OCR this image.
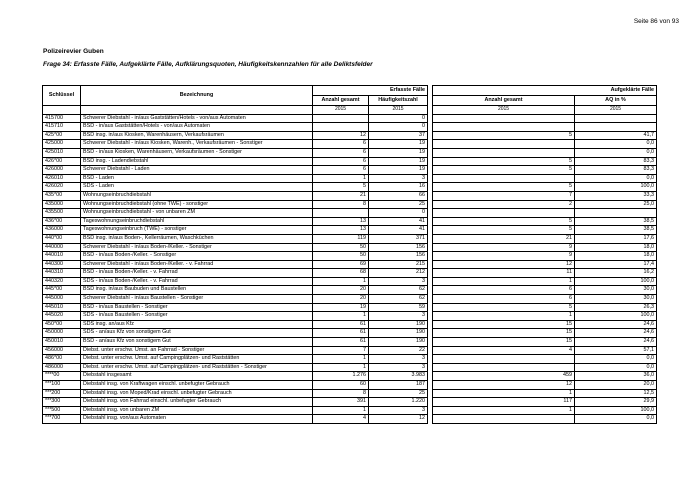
Seite 86 von 93
Polizeirevier Guben
Frage 34: Erfasste Fälle, Aufgeklärte Fälle, Aufklärungsquoten, Häufigkeitskennzahlen für alle Deliktsfelder
Schlüssel	Bezeichnung	Erfasste Fälle			Aufgeklärte Fälle	
		Anzahl gesamt	Häufigkeitszahl		Anzahl gesamt	AQ in %
		2015	2015		2015	2015
415700	Schwerer Diebstahl - in/aus Gaststätten/Hotels - von/aus Automaten		0			
415710	BSD - in/aus Gaststätten/Hotels - von/aus Automaten		0			
425*00	BSD insg. in/aus Kiosken, Warenhäusern, Verkaufsräumen	12	37		5	41,7
425000	Schwerer Diebstahl - in/aus Kiosken, Warenh., Verkaufsräumen - Sonstiger	6	19			0,0
425010	BSD - in/aus Kiosken, Warenhäusern, Verkaufsräumen - Sonstiger	6	19			0,0
426*00	BSD insg. - Ladendiebstahl	6	19		5	83,3
426000	Schwerer Diebstahl - Laden	6	19		5	83,3
426010	BSD - Laden	1	3			0,0
426020	SDS - Laden	5	16		5	100,0
435*00	Wohnungseinbruchdiebstahl	21	66		7	33,3
435000	Wohnungseinbruchdiebstahl (ohne TWE) - sonstiger	8	25		2	25,0
435500	Wohnungseinbruchdiebstahl - von unbaren ZM		0			
436*00	Tageswohnungseinbruchdiebstahl	13	41		5	38,5
436000	Tageswohnungseinbruch (TWE) - sonstiger	13	41		5	38,5
440*00	BSD insg. in/aus Boden-, Kellerräumen, Waschküchen	119	371		21	17,6
440000	Schwerer Diebstahl - in/aus Boden-/Keller. - Sonstiger	50	156		9	18,0
440010	BSD - in/aus Boden-/Keller. - Sonstiger	50	156		9	18,0
440300	Schwerer Diebstahl - in/aus Boden-/Keller. - v. Fahrrad	69	215		12	17,4
440310	BSD - in/aus Boden-/Keller. - v. Fahrrad	68	212		11	16,2
440320	SDS - in/aus Boden-/Keller. - v. Fahrrad	1	3		1	100,0
445*00	BSD insg. in/aus Baubuden und Baustellen	20	62		6	30,0
445000	Schwerer Diebstahl - in/aus Baustellen - Sonstiger	20	62		6	30,0
445010	BSD - in/aus Baustellen - Sonstiger	19	59		5	26,3
445020	SDS - in/aus Baustellen - Sonstiger	1	3		1	100,0
450*00	SDS insg. an/aus Kfz	61	190		15	24,6
450000	SDS - an/aus Kfz von sonstigem Gut	61	190		15	24,6
450010	BSD - an/aus Kfz von sonstigem Gut	61	190		15	24,6
456000	Diebst. unter erschw. Umst. an Fahrrad - Sonstiger	7	22		4	57,1
486*00	Diebst. unter erschw. Umst. auf Campingplätzen- und Raststätten	1	3			0,0
486000	Diebst. unter erschw. Umst. auf Campingplätzen- und Raststätten - Sonstiger	1	3			0,0
****00	Diebstahl insgesamt	1.276	3.983		459	36,0
***100	Diebstahl insg. von Kraftwagen einschl. unbefugter Gebrauch	60	187		12	20,0
***200	Diebstahl insg. von Moped/Krad einschl. unbefugter Gebrauch	8	25		1	12,5
***300	Diebstahl insg. von Fahrrad einschl. unbefugter Gebrauch	391	1.220		117	29,9
***500	Diebstahl insg. von unbaren ZM	1	3		1	100,0
***700	Diebstahl insg. von/aus Automaten	4	12			0,0
